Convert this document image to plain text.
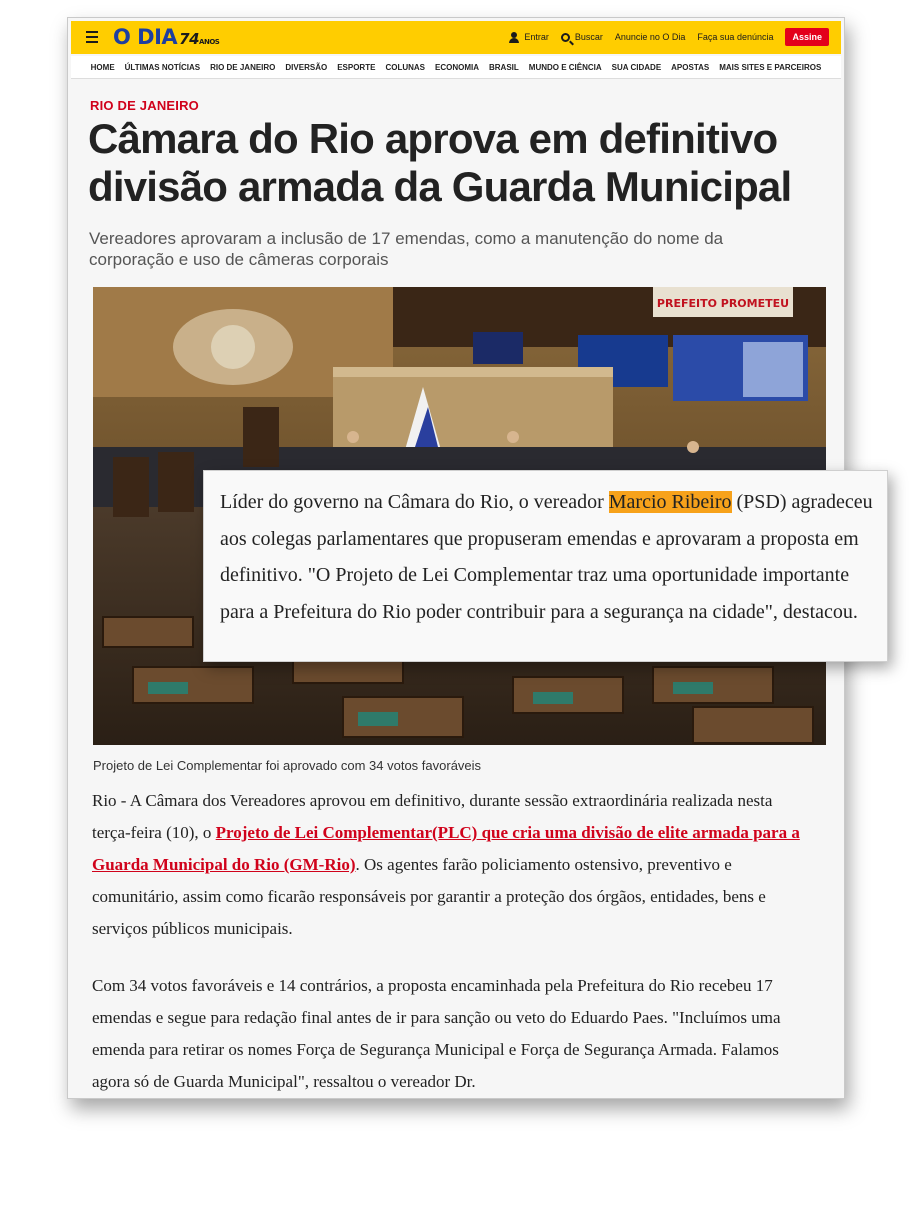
O DIA 74ANOS	Entrar	Buscar Anuncie no O Dia Faça sua denúncia	Assine
HOME ÚLTIMAS NOTÍCIAS RIO DE JANEIRO DIVERSÃO ESPORTE COLUNAS ECONOMIA BRASIL MUNDO E CIÊNCIA SUA CIDADE APOSTAS MAIS SITES E PARCEIROS
RIO DE JANEIRO
Câmara do Rio aprova em definitivo divisão armada da Guarda Municipal

Vereadores aprovaram a inclusão de 17 emendas, como a manutenção do nome da corporação e uso de câmeras corporais

PREFEITO PROMETEU
Projeto de Lei Complementar foi aprovado com 34 votos favoráveis

Rio - A Câmara dos Vereadores aprovou em definitivo, durante sessão extraordinária realizada nesta terça-feira (10), o Projeto de Lei Complementar(PLC) que cria uma divisão de elite armada para a Guarda Municipal do Rio (GM-Rio). Os agentes farão policiamento ostensivo, preventivo e comunitário, assim como ficarão responsáveis por garantir a proteção dos órgãos, entidades, bens e serviços públicos municipais.

Com 34 votos favoráveis e 14 contrários, a proposta encaminhada pela Prefeitura do Rio recebeu 17 emendas e segue para redação final antes de ir para sanção ou veto do Eduardo Paes. "Incluímos uma emenda para retirar os nomes Força de Segurança Municipal e Força de Segurança Armada. Falamos agora só de Guarda Municipal", ressaltou o vereador Dr.

Líder do governo na Câmara do Rio, o vereador Marcio Ribeiro (PSD) agradeceu aos colegas parlamentares que propuseram emendas e aprovaram a proposta em definitivo. "O Projeto de Lei Complementar traz uma oportunidade importante para a Prefeitura do Rio poder contribuir para a segurança na cidade", destacou.
